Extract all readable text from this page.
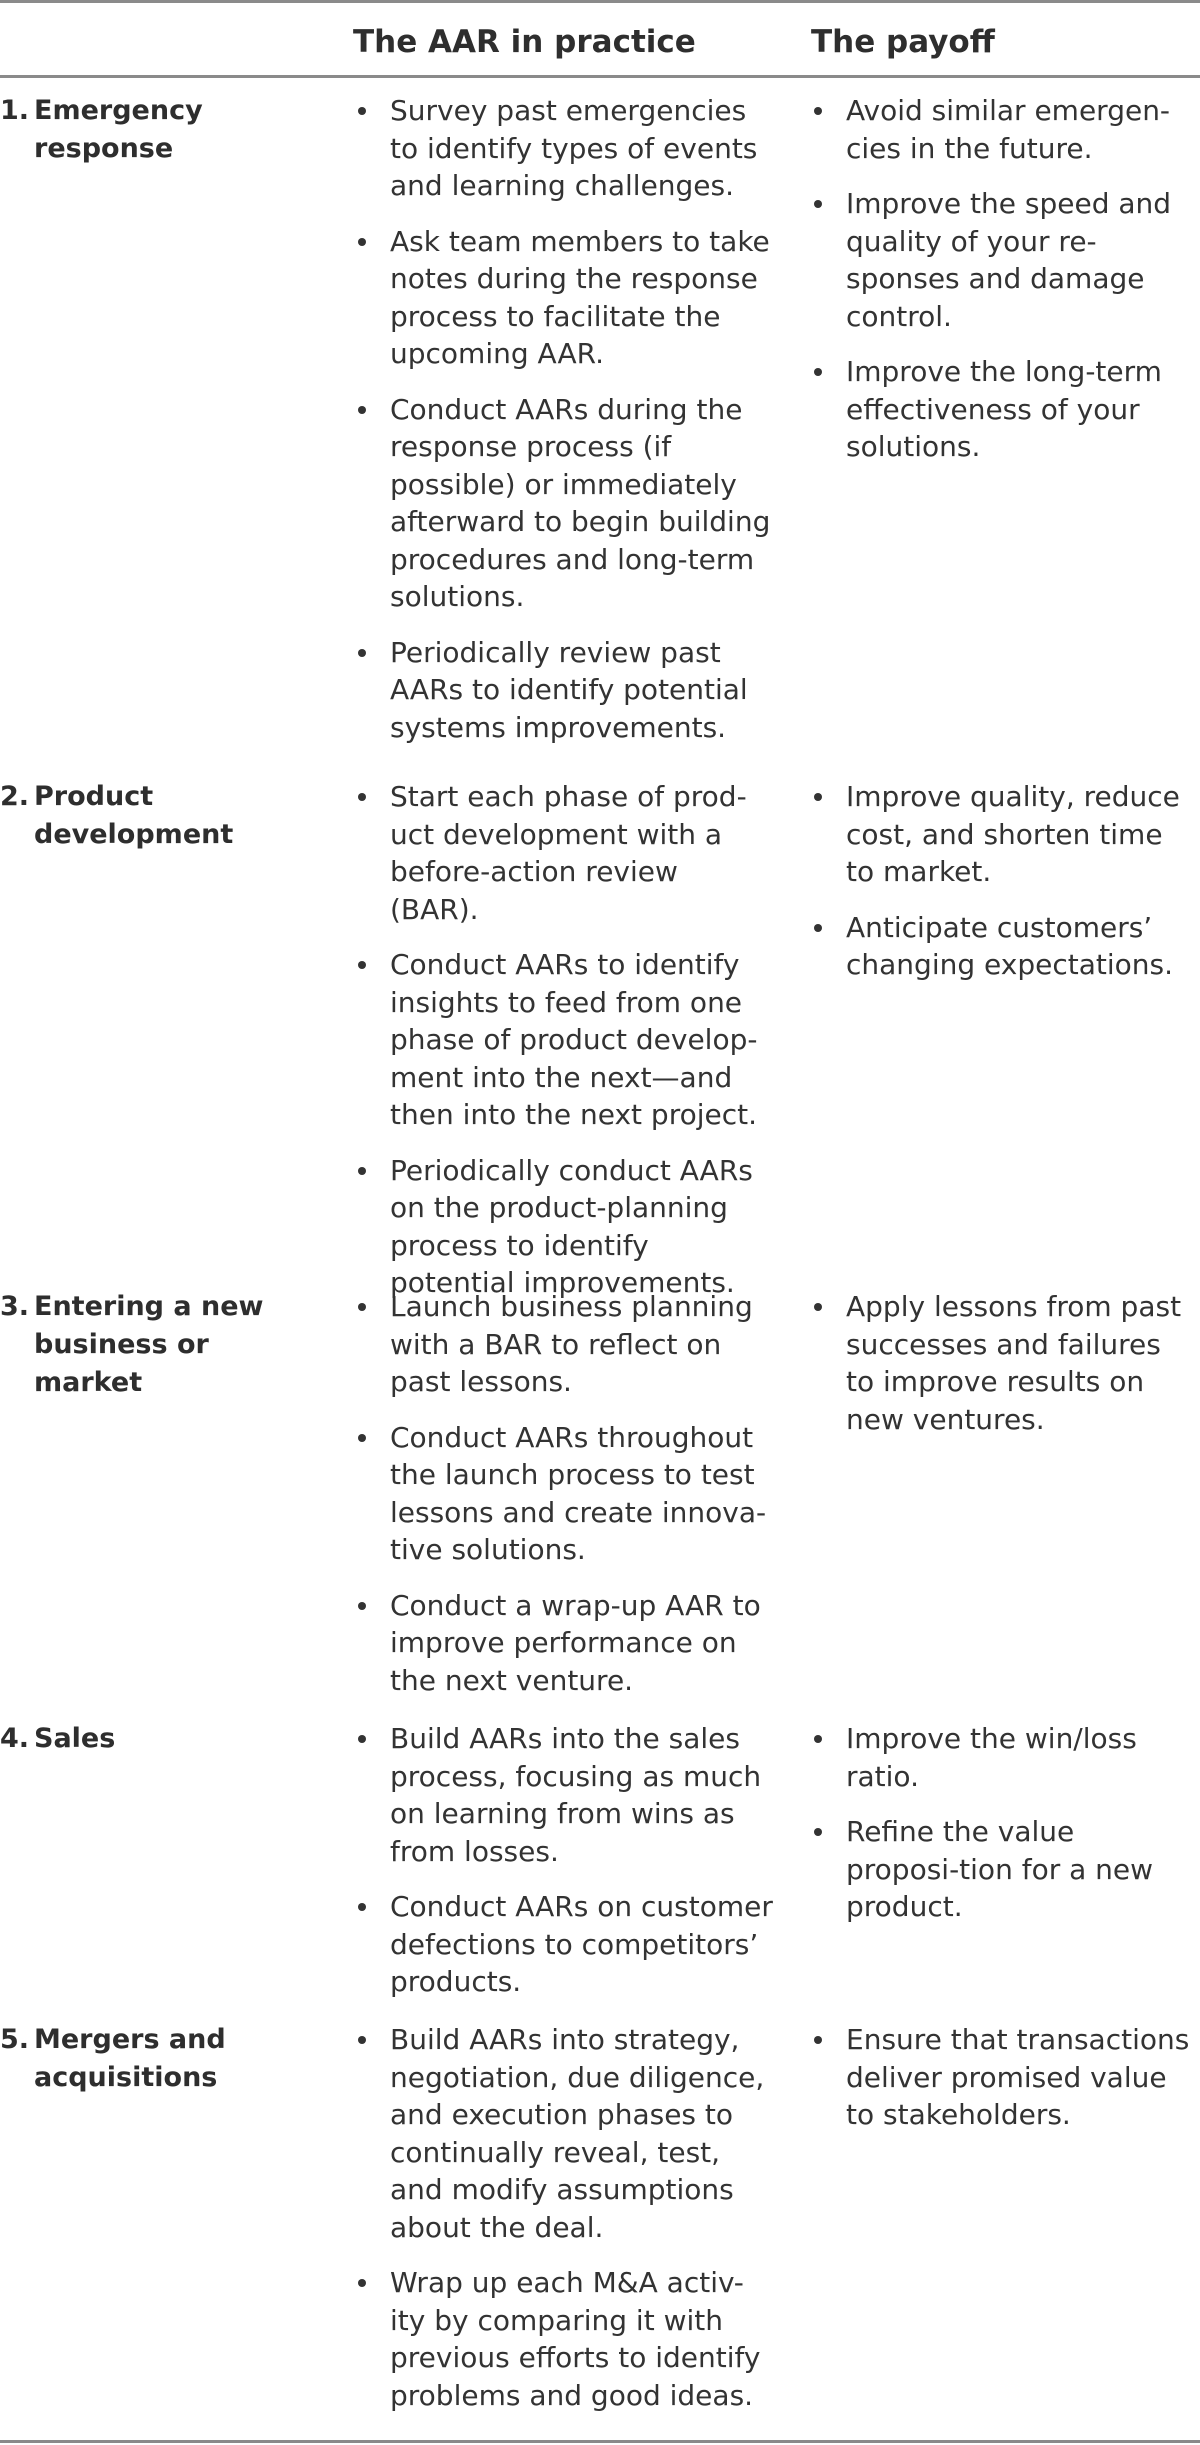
The AAR in practice	The payoff
1. Emergency response
Survey past emergencies to identify types of events and learning challenges.
Ask team members to take notes during the response process to facilitate the upcoming AAR.
Conduct AARs during the response process (if possible) or immediately afterward to begin building procedures and long-term solutions.
Periodically review past AARs to identify potential systems improvements.
Avoid similar emergen-cies in the future.
Improve the speed and quality of your re-sponses and damage control.
Improve the long-term effectiveness of your solutions.
2. Product development
Start each phase of prod-uct development with a before-action review (BAR).
Conduct AARs to identify insights to feed from one phase of product develop-ment into the next—and then into the next project.
Periodically conduct AARs on the product-planning process to identify potential improvements.
Improve quality, reduce cost, and shorten time to market.
Anticipate customers’ changing expectations.
3. Entering a new business or market
Launch business planning with a BAR to reflect on past lessons.
Conduct AARs throughout the launch process to test lessons and create innova-tive solutions.
Conduct a wrap-up AAR to improve performance on the next venture.
Apply lessons from past successes and failures to improve results on new ventures.
4. Sales	Build AARs into the sales process, focusing as much on learning from wins as from losses.
Conduct AARs on customer defections to competitors’ products.
Improve the win/loss ratio.
Refine the value proposi-tion for a new product.
5. Mergers and acquisitions
Build AARs into strategy, negotiation, due diligence, and execution phases to continually reveal, test, and modify assumptions about the deal.
Wrap up each M&A activ-ity by comparing it with previous efforts to identify problems and good ideas.
Ensure that transactions deliver promised value to stakeholders.
